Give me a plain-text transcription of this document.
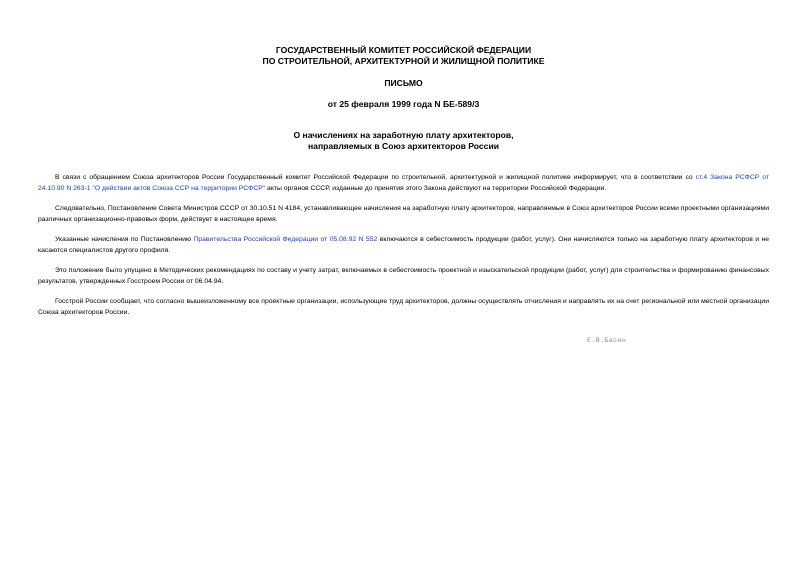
ГОСУДАРСТВЕННЫЙ КОМИТЕТ РОССИЙСКОЙ ФЕДЕРАЦИИ
ПО СТРОИТЕЛЬНОЙ, АРХИТЕКТУРНОЙ И ЖИЛИЩНОЙ ПОЛИТИКЕ
ПИСЬМО
от 25 февраля 1999 года N БЕ-589/3
О начислениях на заработную плату архитекторов,
направляемых в Союз архитекторов России
В связи с обращением Союза архитекторов России Государственный комитет Российской Федерации по строительной, архитектурной и жилищной политике информирует, что в соответствии со ст.4 Закона РСФСР от 24.10.90 N 263-1 "О действии актов Союза ССР на территории РСФСР" акты органов СССР, изданные до принятия этого Закона действуют на территории Российской Федерации.
Следовательно, Постановление Совета Министров СССР от 30.10.51 N 4184, устанавливающее начисления на заработную плату архитекторов, направляемые в Союз архитекторов России всеми проектными организациями различных организационно-правовых форм, действует в настоящее время.
Указанные начисления по Постановлению Правительства Российской Федерации от 05.08.92 N 552 включаются в себестоимость продукции (работ, услуг). Они начисляются только на заработную плату архитекторов и не касаются специалистов другого профиля.
Это положение было упущено в Методических рекомендациях по составу и учету затрат, включаемых в себестоимость проектной и изыскательской продукции (работ, услуг) для строительства и формированию финансовых результатов, утвержденных Госстроем России от 06.04.94.
Госстрой России сообщает, что согласно вышеизложенному все проектные организации, использующие труд архитекторов, должны осуществлять отчисления и направлять их на счет региональной или местной организации Союза архитекторов России.
Е.В.Басин
